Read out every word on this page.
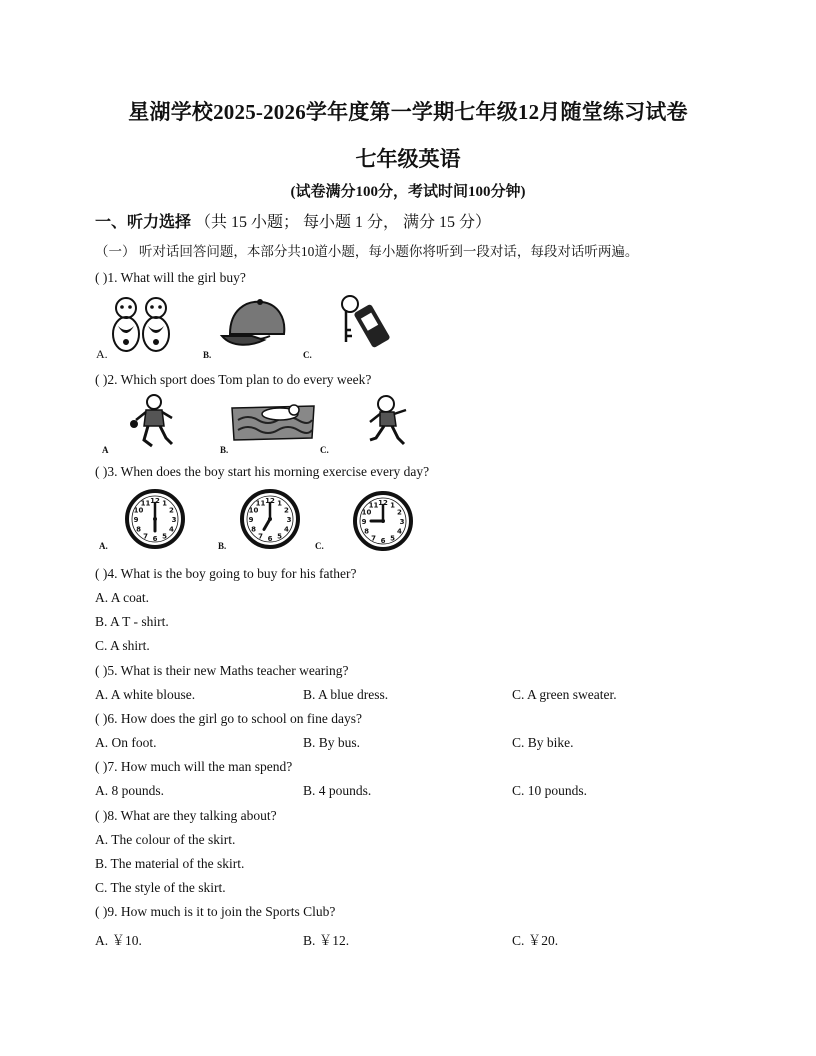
星湖学校2025-2026学年度第一学期七年级12月随堂练习试卷
七年级英语
(试卷满分100分，考试时间100分钟)
一、听力选择 （共 15 小题； 每小题 1 分， 满分 15 分）
（一） 听对话回答问题，本部分共10道小题，每小题你将听到一段对话，每段对话听两遍。
( )1. What will the girl buy?
A.	B.	C.
( )2. Which sport does Tom plan to do every week?
A	B.	C.
( )3. When does the boy start his morning exercise every day?
1
2
3
4
5
6
7
8
9
10
11 12
A.
1
2
3
4
5
6
7
8
9
10
11 12
B.
1
2
3
4
5
6
7
8
9
10
11 12
C.
( )4. What is the boy going to buy for his father?
A. A coat.
B. A T - shirt.
C. A shirt.
( )5. What is their new Maths teacher wearing?
A. A white blouse.	B. A blue dress.	C. A green sweater.
( )6. How does the girl go to school on fine days?
A. On foot.	B. By bus.	C. By bike.
( )7. How much will the man spend?
A. 8 pounds.	B. 4 pounds.	C. 10 pounds.
( )8. What are they talking about?
A. The colour of the skirt.
B. The material of the skirt.
C. The style of the skirt.
( )9. How much is it to join the Sports Club?
A. ￥10.	B. ￥12.	C. ￥20.
